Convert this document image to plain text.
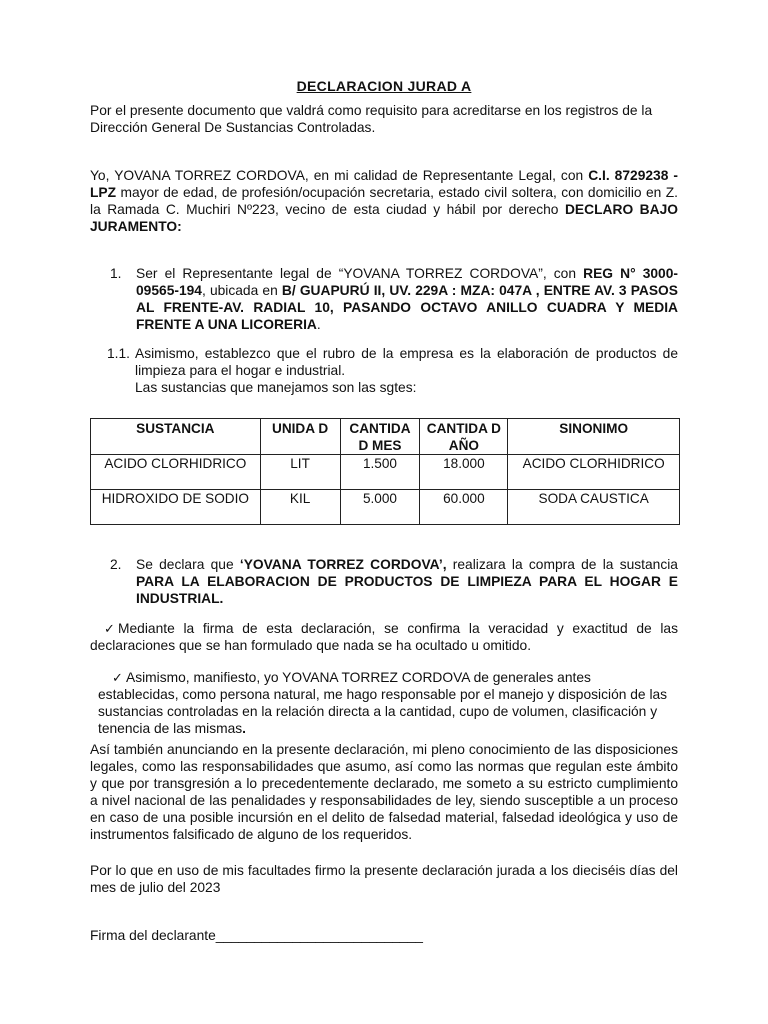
DECLARACION JURAD A
Por el presente documento que valdrá como requisito para acreditarse en los registros de la Dirección General De Sustancias Controladas.
Yo, YOVANA TORREZ CORDOVA, en mi calidad de Representante Legal, con C.I. 8729238 - LPZ mayor de edad, de profesión/ocupación secretaria, estado civil soltera, con domicilio en Z. la Ramada C. Muchiri Nº223, vecino de esta ciudad y hábil por derecho DECLARO BAJO JURAMENTO:
1. Ser el Representante legal de “YOVANA TORREZ CORDOVA”, con REG N° 3000-09565-194, ubicada en B/ GUAPURÚ II, UV. 229A : MZA: 047A , ENTRE AV. 3 PASOS AL FRENTE-AV. RADIAL 10, PASANDO OCTAVO ANILLO CUADRA Y MEDIA FRENTE A UNA LICORERIA.
1.1. Asimismo, establezco que el rubro de la empresa es la elaboración de productos de limpieza para el hogar e industrial.
Las sustancias que manejamos son las sgtes:
SUSTANCIA	UNIDA D	CANTIDA D MES	CANTIDA D AÑO	SINONIMO
ACIDO CLORHIDRICO	LIT	1.500	18.000	ACIDO CLORHIDRICO
HIDROXIDO DE SODIO	KIL	5.000	60.000	SODA CAUSTICA
2. Se declara que ‘YOVANA TORREZ CORDOVA’, realizara la compra de la sustancia PARA LA ELABORACION DE PRODUCTOS DE LIMPIEZA PARA EL HOGAR E INDUSTRIAL.
✓ Mediante la firma de esta declaración, se confirma la veracidad y exactitud de las declaraciones que se han formulado que nada se ha ocultado u omitido.
✓ Asimismo, manifiesto, yo YOVANA TORREZ CORDOVA de generales antes
establecidas, como persona natural, me hago responsable por el manejo y disposición de las sustancias controladas en la relación directa a la cantidad, cupo de volumen, clasificación y tenencia de las mismas.
Así también anunciando en la presente declaración, mi pleno conocimiento de las disposiciones legales, como las responsabilidades que asumo, así como las normas que regulan este ámbito y que por transgresión a lo precedentemente declarado, me someto a su estricto cumplimiento a nivel nacional de las penalidades y responsabilidades de ley, siendo susceptible a un proceso en caso de una posible incursión en el delito de falsedad material, falsedad ideológica y uso de instrumentos falsificado de alguno de los requeridos.
Por lo que en uso de mis facultades firmo la presente declaración jurada a los dieciséis días del mes de julio del 2023
Firma del declarante___________________________
